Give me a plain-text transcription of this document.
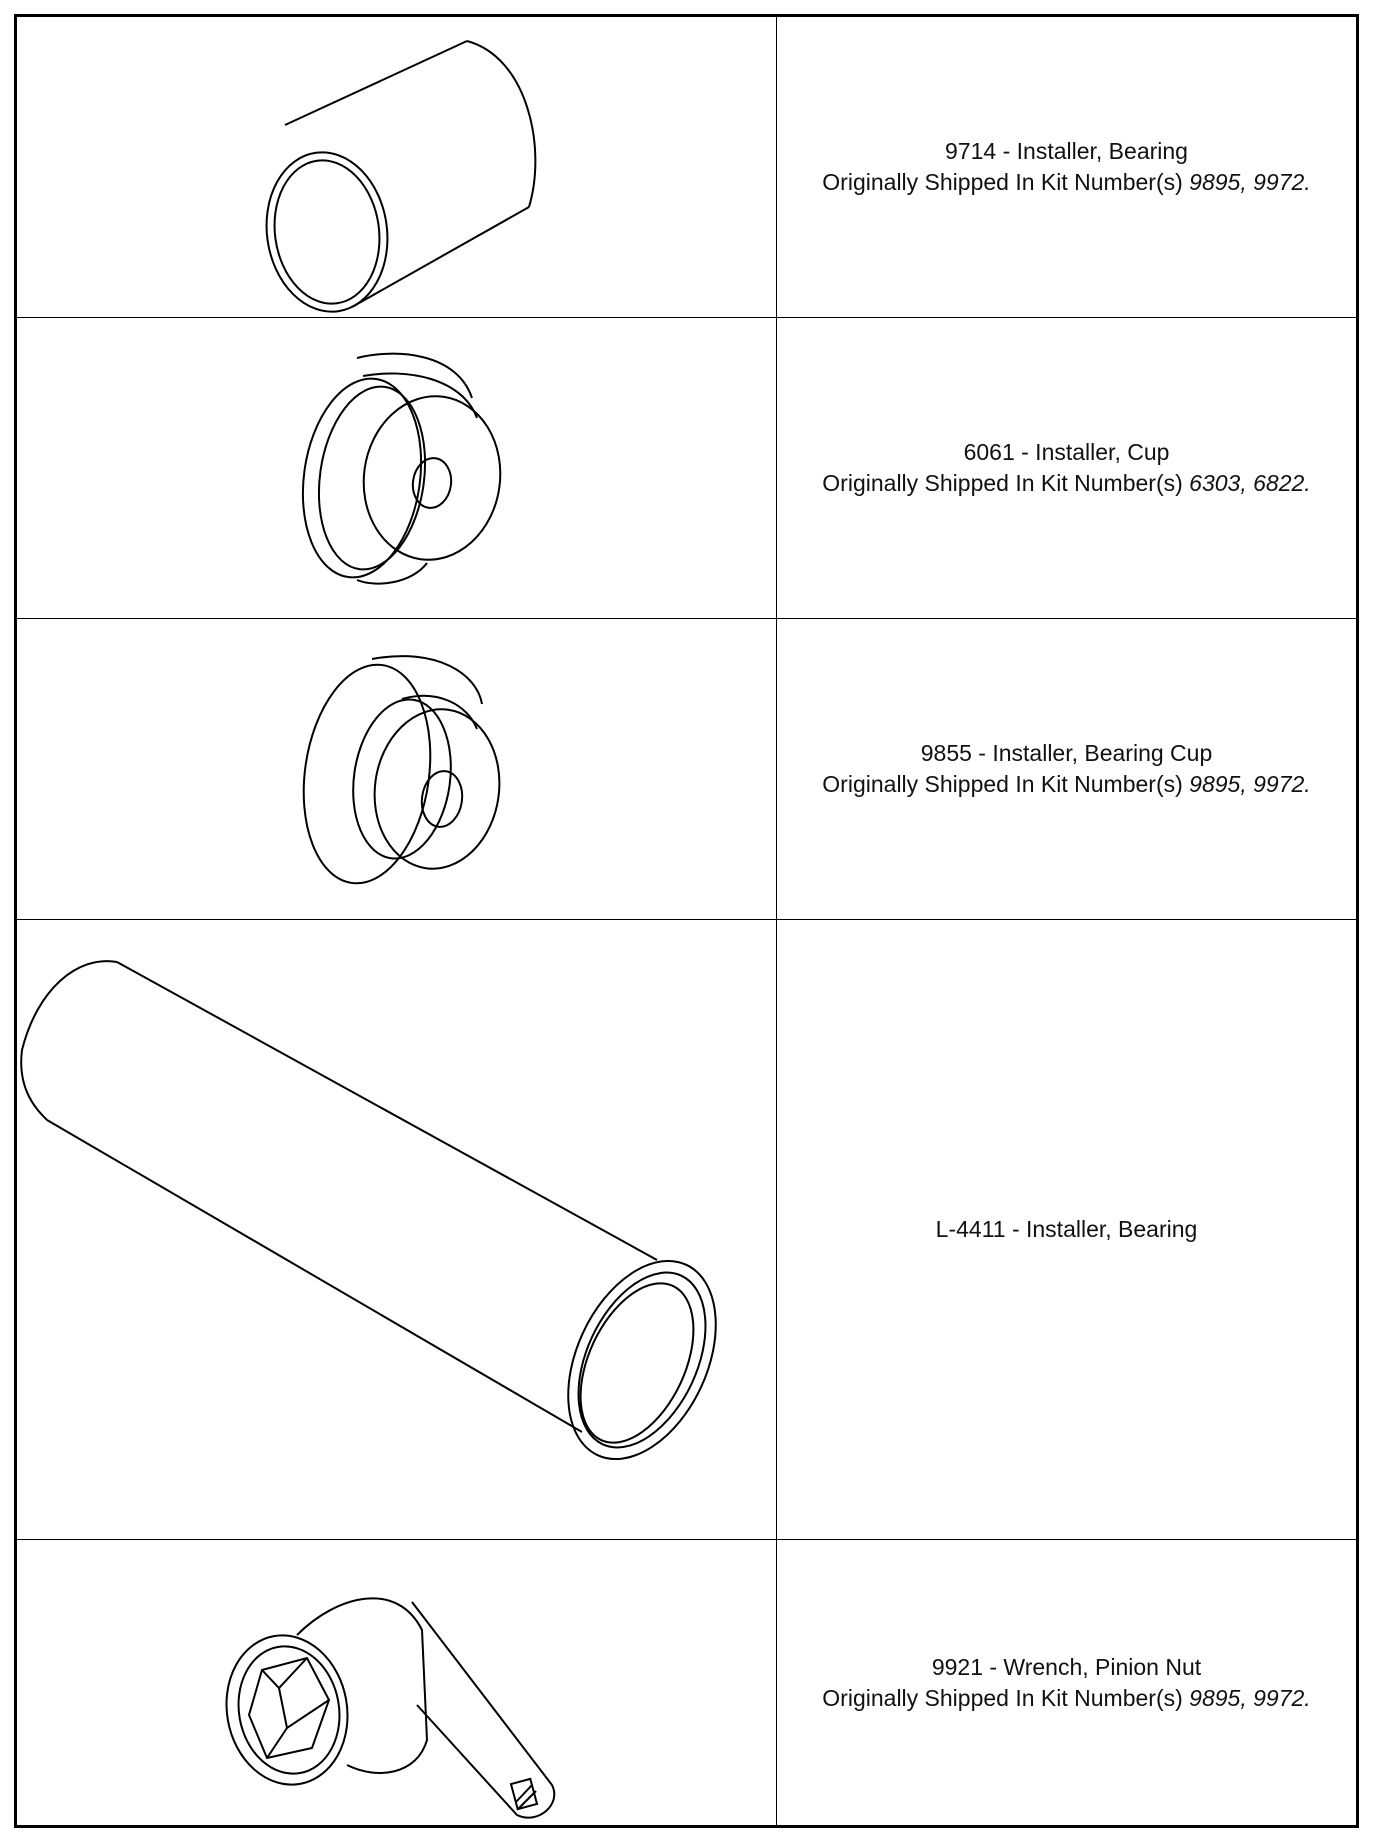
9714 - Installer, Bearing
Originally Shipped In Kit Number(s) 9895, 9972.
6061 - Installer, Cup
Originally Shipped In Kit Number(s) 6303, 6822.
9855 - Installer, Bearing Cup
Originally Shipped In Kit Number(s) 9895, 9972.
L-4411 - Installer, Bearing
9921 - Wrench, Pinion Nut
Originally Shipped In Kit Number(s) 9895, 9972.
